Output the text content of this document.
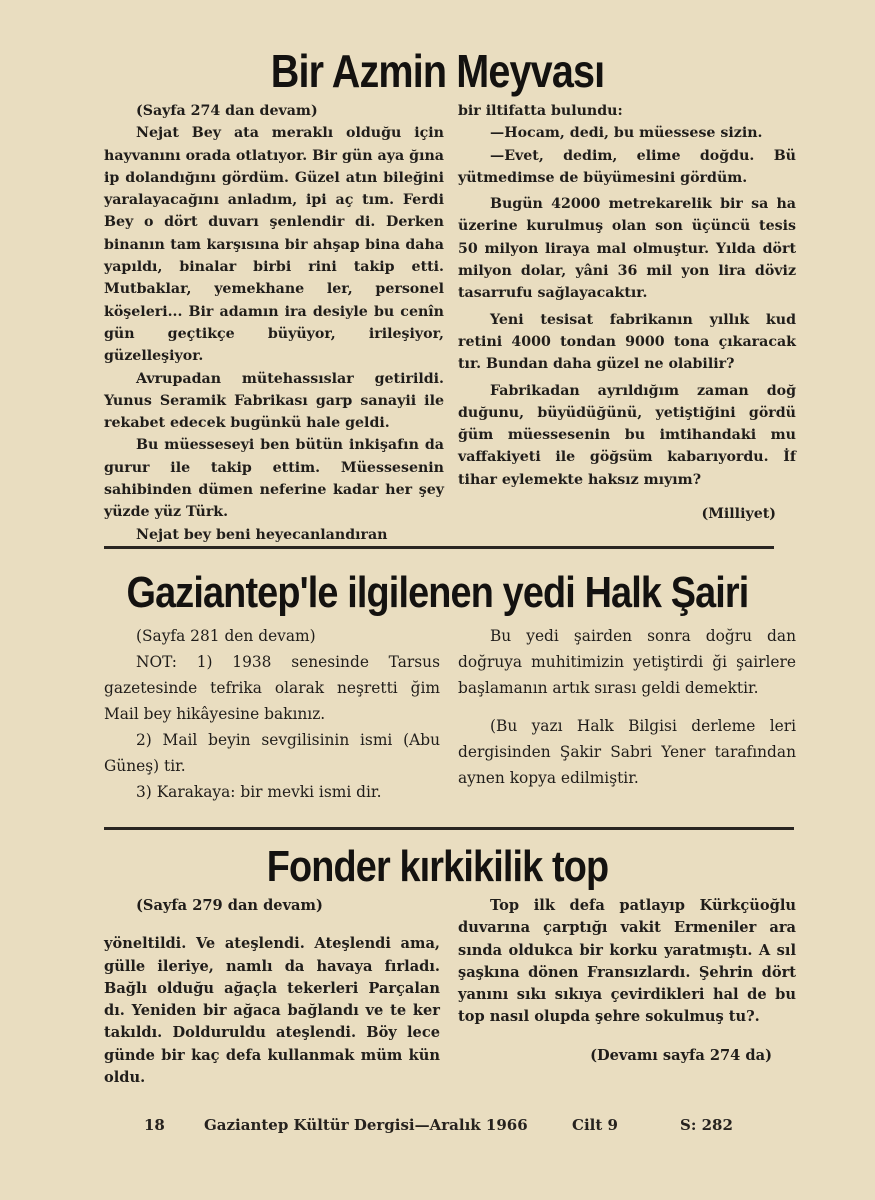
Bir Azmin Meyvası

(Sayfa 274 dan devam)

Nejat Bey ata meraklı olduğu için hayvanını orada otlatıyor. Bir gün aya ğına ip dolandığını gördüm. Güzel atın bileğini yaralayacağını anladım, ipi aç tım. Ferdi Bey o dört duvarı şenlendir di. Derken binanın tam karşısına bir ahşap bina daha yapıldı, binalar birbi rini takip etti. Mutbaklar, yemekhane ler, personel köşeleri... Bir adamın ira desiyle bu cenîn gün geçtikçe büyüyor, irileşiyor, güzelleşiyor.

Avrupadan mütehassıslar getirildi. Yunus Seramik Fabrikası garp sanayii ile rekabet edecek bugünkü hale geldi.

Bu müesseseyi ben bütün inkişafın da gurur ile takip ettim. Müessesenin sahibinden dümen neferine kadar her şey yüzde yüz Türk.

Nejat bey beni heyecanlandıran

bir iltifatta bulundu:

—Hocam, dedi, bu müessese sizin.

—Evet, dedim, elime doğdu. Bü yütmedimse de büyümesini gördüm.

Bugün 42000 metrekarelik bir sa ha üzerine kurulmuş olan son üçüncü tesis 50 milyon liraya mal olmuştur. Yılda dört milyon dolar, yâni 36 mil yon lira döviz tasarrufu sağlayacaktır.

Yeni tesisat fabrikanın yıllık kud retini 4000 tondan 9000 tona çıkaracak tır. Bundan daha güzel ne olabilir?

Fabrikadan ayrıldığım zaman doğ duğunu, büyüdüğünü, yetiştiğini gördü ğüm müessesenin bu imtihandaki mu vaffakiyeti ile göğsüm kabarıyordu. İf tihar eylemekte haksız mıyım?

(Milliyet)

Gaziantep'le ilgilenen yedi Halk Şairi

(Sayfa 281 den devam)

NOT: 1) 1938 senesinde Tarsus gazetesinde tefrika olarak neşretti ğim Mail bey hikâyesine bakınız.

2) Mail beyin sevgilisinin ismi (Abu Güneş) tir.

3) Karakaya: bir mevki ismi dir.

Bu yedi şairden sonra doğru dan doğruya muhitimizin yetiştirdi ği şairlere başlamanın artık sırası geldi demektir.

(Bu yazı Halk Bilgisi derleme leri dergisinden Şakir Sabri Yener tarafından aynen kopya edilmiştir.

Fonder kırkikilik top

(Sayfa 279 dan devam)

yöneltildi. Ve ateşlendi. Ateşlendi ama, gülle ileriye, namlı da havaya fırladı. Bağlı olduğu ağaçla tekerleri Parçalan dı. Yeniden bir ağaca bağlandı ve te ker takıldı. Dolduruldu ateşlendi. Böy lece günde bir kaç defa kullanmak müm kün oldu.

Top ilk defa patlayıp Kürkçüoğlu duvarına çarptığı vakit Ermeniler ara sında oldukca bir korku yaratmıştı. A sıl şaşkına dönen Fransızlardı. Şehrin dört yanını sıkı sıkıya çevirdikleri hal de bu top nasıl olupda şehre sokulmuş tu?.

(Devamı sayfa 274 da)

18	Gaziantep Kültür Dergisi—Aralık 1966	Cilt 9	S: 282
